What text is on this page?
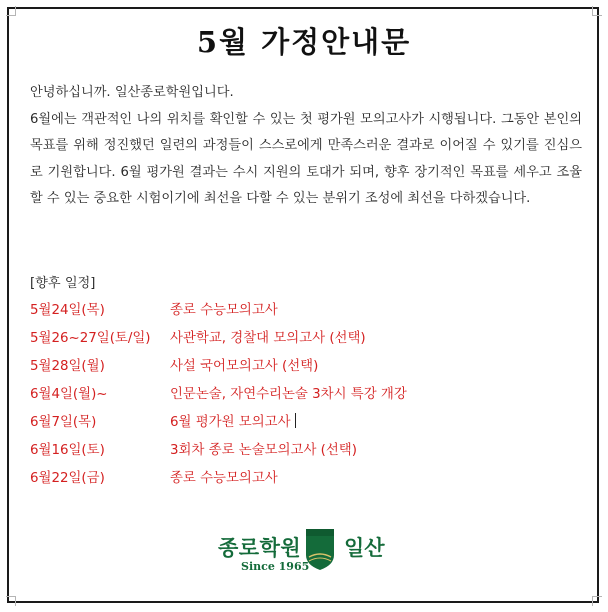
5월 가정안내문

안녕하십니까. 일산종로학원입니다.

6월에는 객관적인 나의 위치를 확인할 수 있는 첫 평가원 모의고사가 시행됩니다. 그동안 본인의 목표를 위해 정진했던 일련의 과정들이 스스로에게 만족스러운 결과로 이어질 수 있기를 진심으로 기원합니다. 6월 평가원 결과는 수시 지원의 토대가 되며, 향후 장기적인 목표를 세우고 조율할 수 있는 중요한 시험이기에 최선을 다할 수 있는 분위기 조성에 최선을 다하겠습니다.

[향후 일정]
5월24일(목)	종로 수능모의고사
5월26~27일(토/일) 사관학교, 경찰대 모의고사 (선택)
5월28일(월)	사설 국어모의고사 (선택)
6월4일(월)~	인문논술, 자연수리논술 3차시 특강 개강
6월7일(목)	6월 평가원 모의고사
6월16일(토)	3회차 종로 논술모의고사 (선택)
6월22일(금)	종로 수능모의고사
종로학원 일산
Since 1965
